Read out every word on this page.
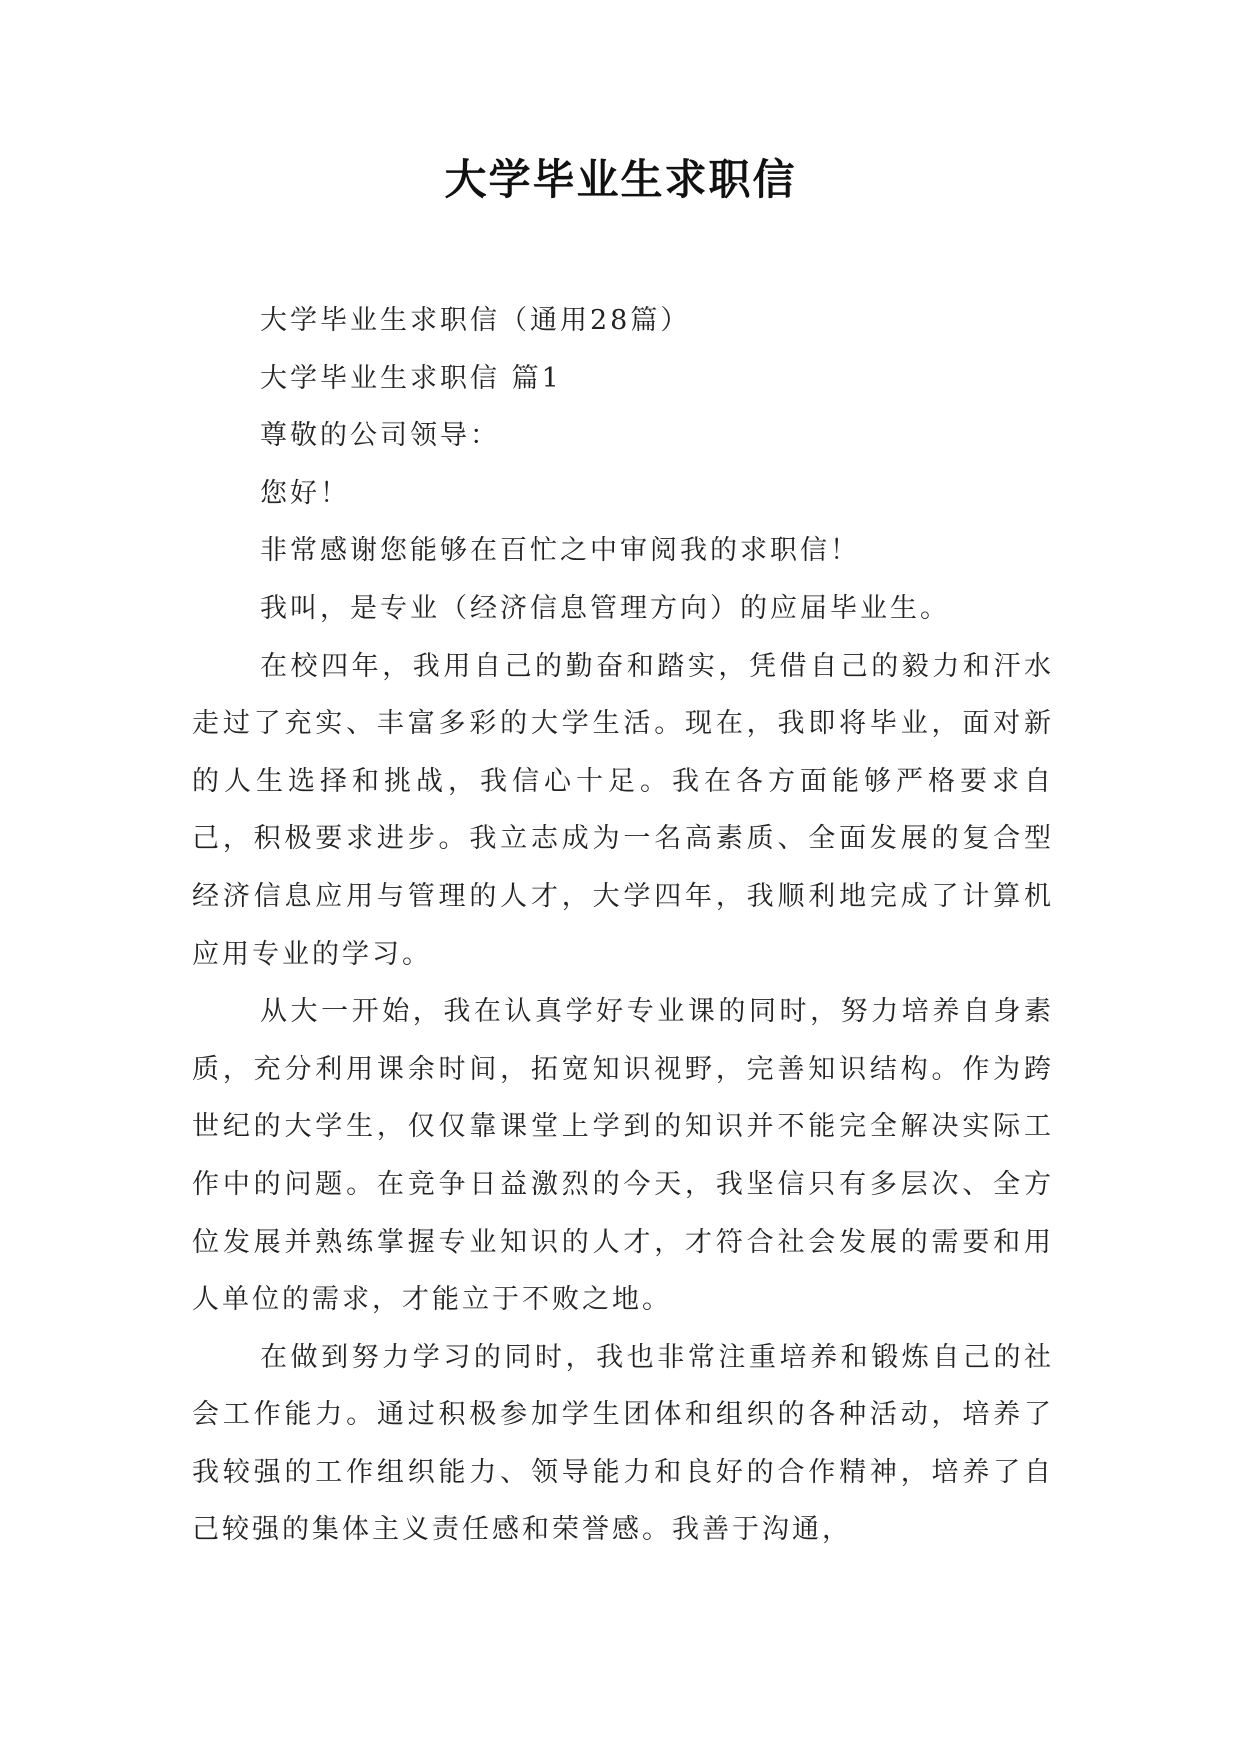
大学毕业生求职信

大学毕业生求职信（通用28篇）

大学毕业生求职信 篇1

尊敬的公司领导：

您好！

非常感谢您能够在百忙之中审阅我的求职信！

我叫，是专业（经济信息管理方向）的应届毕业生。

在校四年，我用自己的勤奋和踏实，凭借自己的毅力和汗水走过了充实、丰富多彩的大学生活。现在，我即将毕业，面对新的人生选择和挑战，我信心十足。我在各方面能够严格要求自己，积极要求进步。我立志成为一名高素质、全面发展的复合型经济信息应用与管理的人才，大学四年，我顺利地完成了计算机应用专业的学习。

从大一开始，我在认真学好专业课的同时，努力培养自身素质，充分利用课余时间，拓宽知识视野，完善知识结构。作为跨世纪的大学生，仅仅靠课堂上学到的知识并不能完全解决实际工作中的问题。在竞争日益激烈的今天，我坚信只有多层次、全方位发展并熟练掌握专业知识的人才，才符合社会发展的需要和用人单位的需求，才能立于不败之地。

在做到努力学习的同时，我也非常注重培养和锻炼自己的社会工作能力。通过积极参加学生团体和组织的各种活动，培养了我较强的工作组织能力、领导能力和良好的合作精神，培养了自己较强的集体主义责任感和荣誉感。我善于沟通，
